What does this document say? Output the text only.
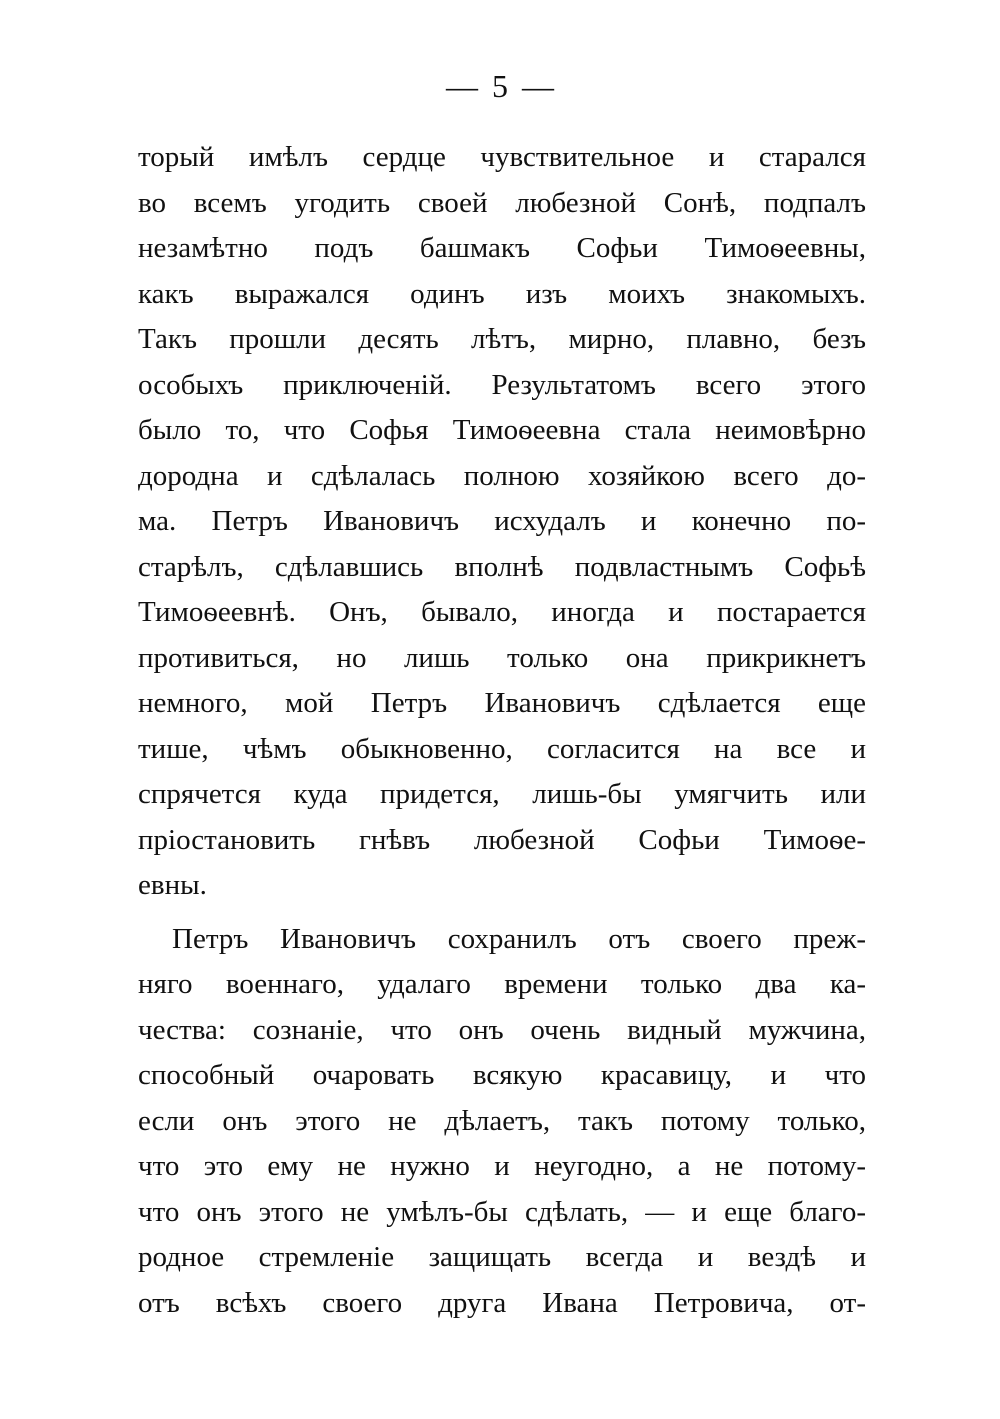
— 5 —
торый имѣлъ сердце чувствительное и старался
во всемъ угодить своей любезной Сонѣ, подпалъ
незамѣтно подъ башмакъ Софьи Тимоѳеевны,
какъ выражался одинъ изъ моихъ знакомыхъ.
Такъ прошли десять лѣтъ, мирно, плавно, безъ
особыхъ приключеній. Результатомъ всего этого
было то, что Софья Тимоѳеевна стала неимовѣрно
дородна и сдѣлалась полною хозяйкою всего до-
ма. Петръ Ивановичъ исхудалъ и конечно по-
старѣлъ, сдѣлавшись вполнѣ подвластнымъ Софьѣ
Тимоѳеевнѣ. Онъ, бывало, иногда и постарается
противиться, но лишь только она прикрикнетъ
немного, мой Петръ Ивановичъ сдѣлается еще
тише, чѣмъ обыкновенно, согласится на все и
спрячется куда придется, лишь-бы умягчить или
пріостановить гнѣвъ любезной Софьи Тимоѳе-
евны.
Петръ Ивановичъ сохранилъ отъ своего преж-
няго военнаго, удалаго времени только два ка-
чества: сознаніе, что онъ очень видный мужчина,
способный очаровать всякую красавицу, и что
если онъ этого не дѣлаетъ, такъ потому только,
что это ему не нужно и неугодно, а не потому-
что онъ этого не умѣлъ-бы сдѣлать, — и еще благо-
родное стремленіе защищать всегда и вездѣ и
отъ всѣхъ своего друга Ивана Петровича, от-
